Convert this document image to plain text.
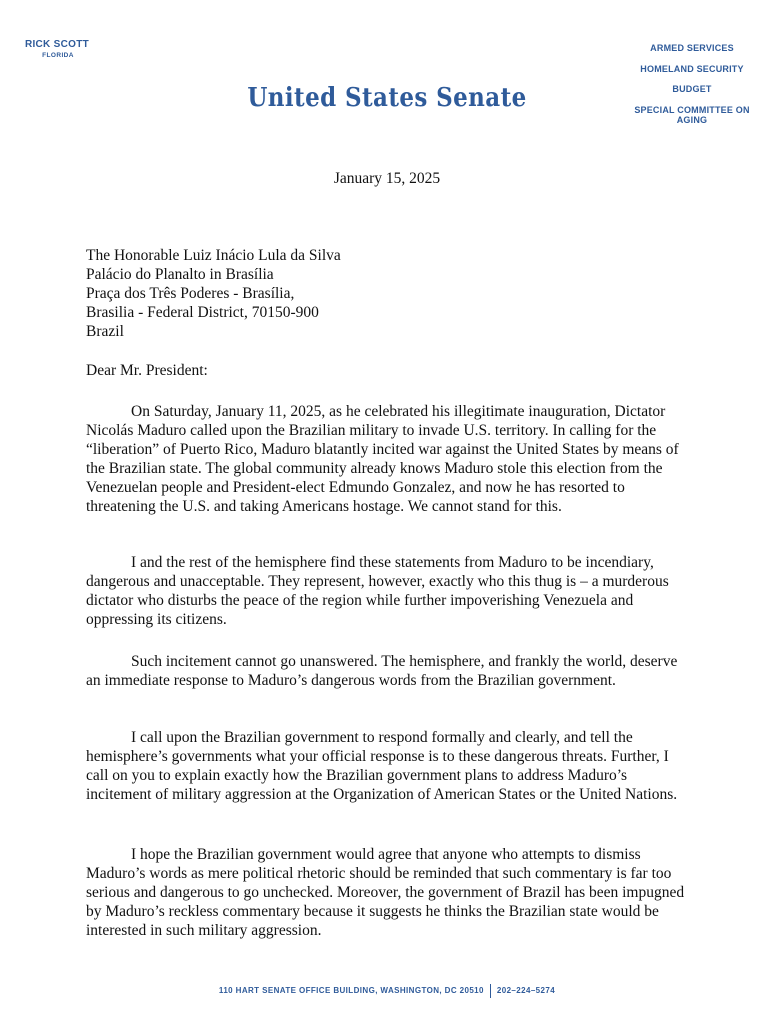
RICK SCOTT
FLORIDA
United States Senate
ARMED SERVICES
HOMELAND SECURITY
BUDGET
SPECIAL COMMITTEE ON AGING
January 15, 2025
The Honorable Luiz Inácio Lula da Silva
Palácio do Planalto in Brasília
Praça dos Três Poderes - Brasília,
Brasilia - Federal District, 70150-900
Brazil
Dear Mr. President:

On Saturday, January 11, 2025, as he celebrated his illegitimate inauguration, Dictator Nicolás Maduro called upon the Brazilian military to invade U.S. territory. In calling for the “liberation” of Puerto Rico, Maduro blatantly incited war against the United States by means of the Brazilian state. The global community already knows Maduro stole this election from the Venezuelan people and President-elect Edmundo Gonzalez, and now he has resorted to threatening the U.S. and taking Americans hostage. We cannot stand for this.

I and the rest of the hemisphere find these statements from Maduro to be incendiary, dangerous and unacceptable. They represent, however, exactly who this thug is – a murderous dictator who disturbs the peace of the region while further impoverishing Venezuela and oppressing its citizens.

Such incitement cannot go unanswered. The hemisphere, and frankly the world, deserve an immediate response to Maduro’s dangerous words from the Brazilian government.

I call upon the Brazilian government to respond formally and clearly, and tell the hemisphere’s governments what your official response is to these dangerous threats. Further, I call on you to explain exactly how the Brazilian government plans to address Maduro’s incitement of military aggression at the Organization of American States or the United Nations.

I hope the Brazilian government would agree that anyone who attempts to dismiss Maduro’s words as mere political rhetoric should be reminded that such commentary is far too serious and dangerous to go unchecked. Moreover, the government of Brazil has been impugned by Maduro’s reckless commentary because it suggests he thinks the Brazilian state would be interested in such military aggression.

110 HART SENATE OFFICE BUILDING, WASHINGTON, DC 20510 202–224–5274
